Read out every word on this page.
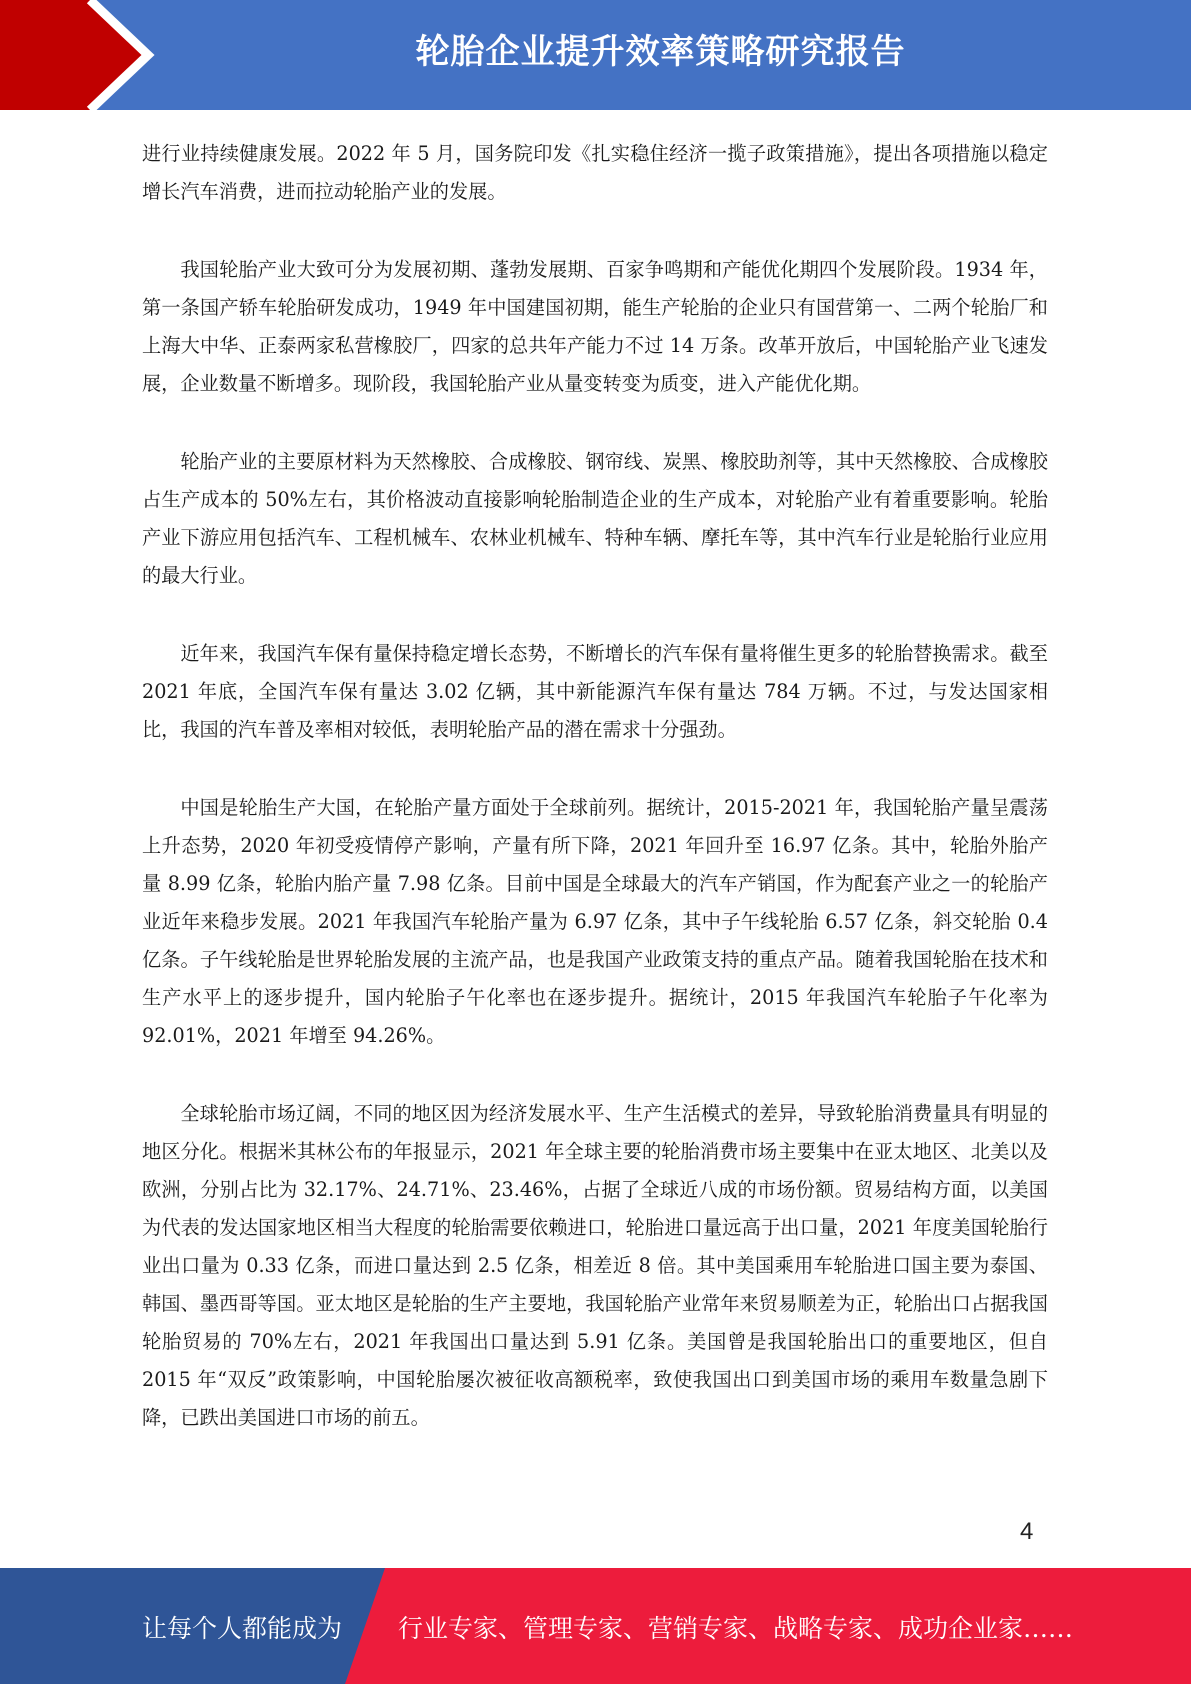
轮胎企业提升效率策略研究报告

进行业持续健康发展。2022 年 5 月，国务院印发《扎实稳住经济一揽子政策措施》，提出各项措施以稳定增长汽车消费，进而拉动轮胎产业的发展。

我国轮胎产业大致可分为发展初期、蓬勃发展期、百家争鸣期和产能优化期四个发展阶段。1934 年，第一条国产轿车轮胎研发成功，1949 年中国建国初期，能生产轮胎的企业只有国营第一、二两个轮胎厂和上海大中华、正泰两家私营橡胶厂，四家的总共年产能力不过 14 万条。改革开放后，中国轮胎产业飞速发展，企业数量不断增多。现阶段，我国轮胎产业从量变转变为质变，进入产能优化期。

轮胎产业的主要原材料为天然橡胶、合成橡胶、钢帘线、炭黑、橡胶助剂等，其中天然橡胶、合成橡胶占生产成本的 50%左右，其价格波动直接影响轮胎制造企业的生产成本，对轮胎产业有着重要影响。轮胎产业下游应用包括汽车、工程机械车、农林业机械车、特种车辆、摩托车等，其中汽车行业是轮胎行业应用的最大行业。

近年来，我国汽车保有量保持稳定增长态势，不断增长的汽车保有量将催生更多的轮胎替换需求。截至 2021 年底，全国汽车保有量达 3.02 亿辆，其中新能源汽车保有量达 784 万辆。不过，与发达国家相比，我国的汽车普及率相对较低，表明轮胎产品的潜在需求十分强劲。

中国是轮胎生产大国，在轮胎产量方面处于全球前列。据统计，2015-2021 年，我国轮胎产量呈震荡上升态势，2020 年初受疫情停产影响，产量有所下降，2021 年回升至 16.97 亿条。其中，轮胎外胎产量 8.99 亿条，轮胎内胎产量 7.98 亿条。目前中国是全球最大的汽车产销国，作为配套产业之一的轮胎产业近年来稳步发展。2021 年我国汽车轮胎产量为 6.97 亿条，其中子午线轮胎 6.57 亿条，斜交轮胎 0.4 亿条。子午线轮胎是世界轮胎发展的主流产品，也是我国产业政策支持的重点产品。随着我国轮胎在技术和生产水平上的逐步提升，国内轮胎子午化率也在逐步提升。据统计，2015 年我国汽车轮胎子午化率为 92.01%，2021 年增至 94.26%。

全球轮胎市场辽阔，不同的地区因为经济发展水平、生产生活模式的差异，导致轮胎消费量具有明显的地区分化。根据米其林公布的年报显示，2021 年全球主要的轮胎消费市场主要集中在亚太地区、北美以及欧洲，分别占比为 32.17%、24.71%、23.46%，占据了全球近八成的市场份额。贸易结构方面，以美国为代表的发达国家地区相当大程度的轮胎需要依赖进口，轮胎进口量远高于出口量，2021 年度美国轮胎行业出口量为 0.33 亿条，而进口量达到 2.5 亿条，相差近 8 倍。其中美国乘用车轮胎进口国主要为泰国、韩国、墨西哥等国。亚太地区是轮胎的生产主要地，我国轮胎产业常年来贸易顺差为正，轮胎出口占据我国轮胎贸易的 70%左右，2021 年我国出口量达到 5.91 亿条。美国曾是我国轮胎出口的重要地区，但自 2015 年“双反”政策影响，中国轮胎屡次被征收高额税率，致使我国出口到美国市场的乘用车数量急剧下降，已跌出美国进口市场的前五。

4
让每个人都能成为 行业专家、管理专家、营销专家、战略专家、成功企业家……
